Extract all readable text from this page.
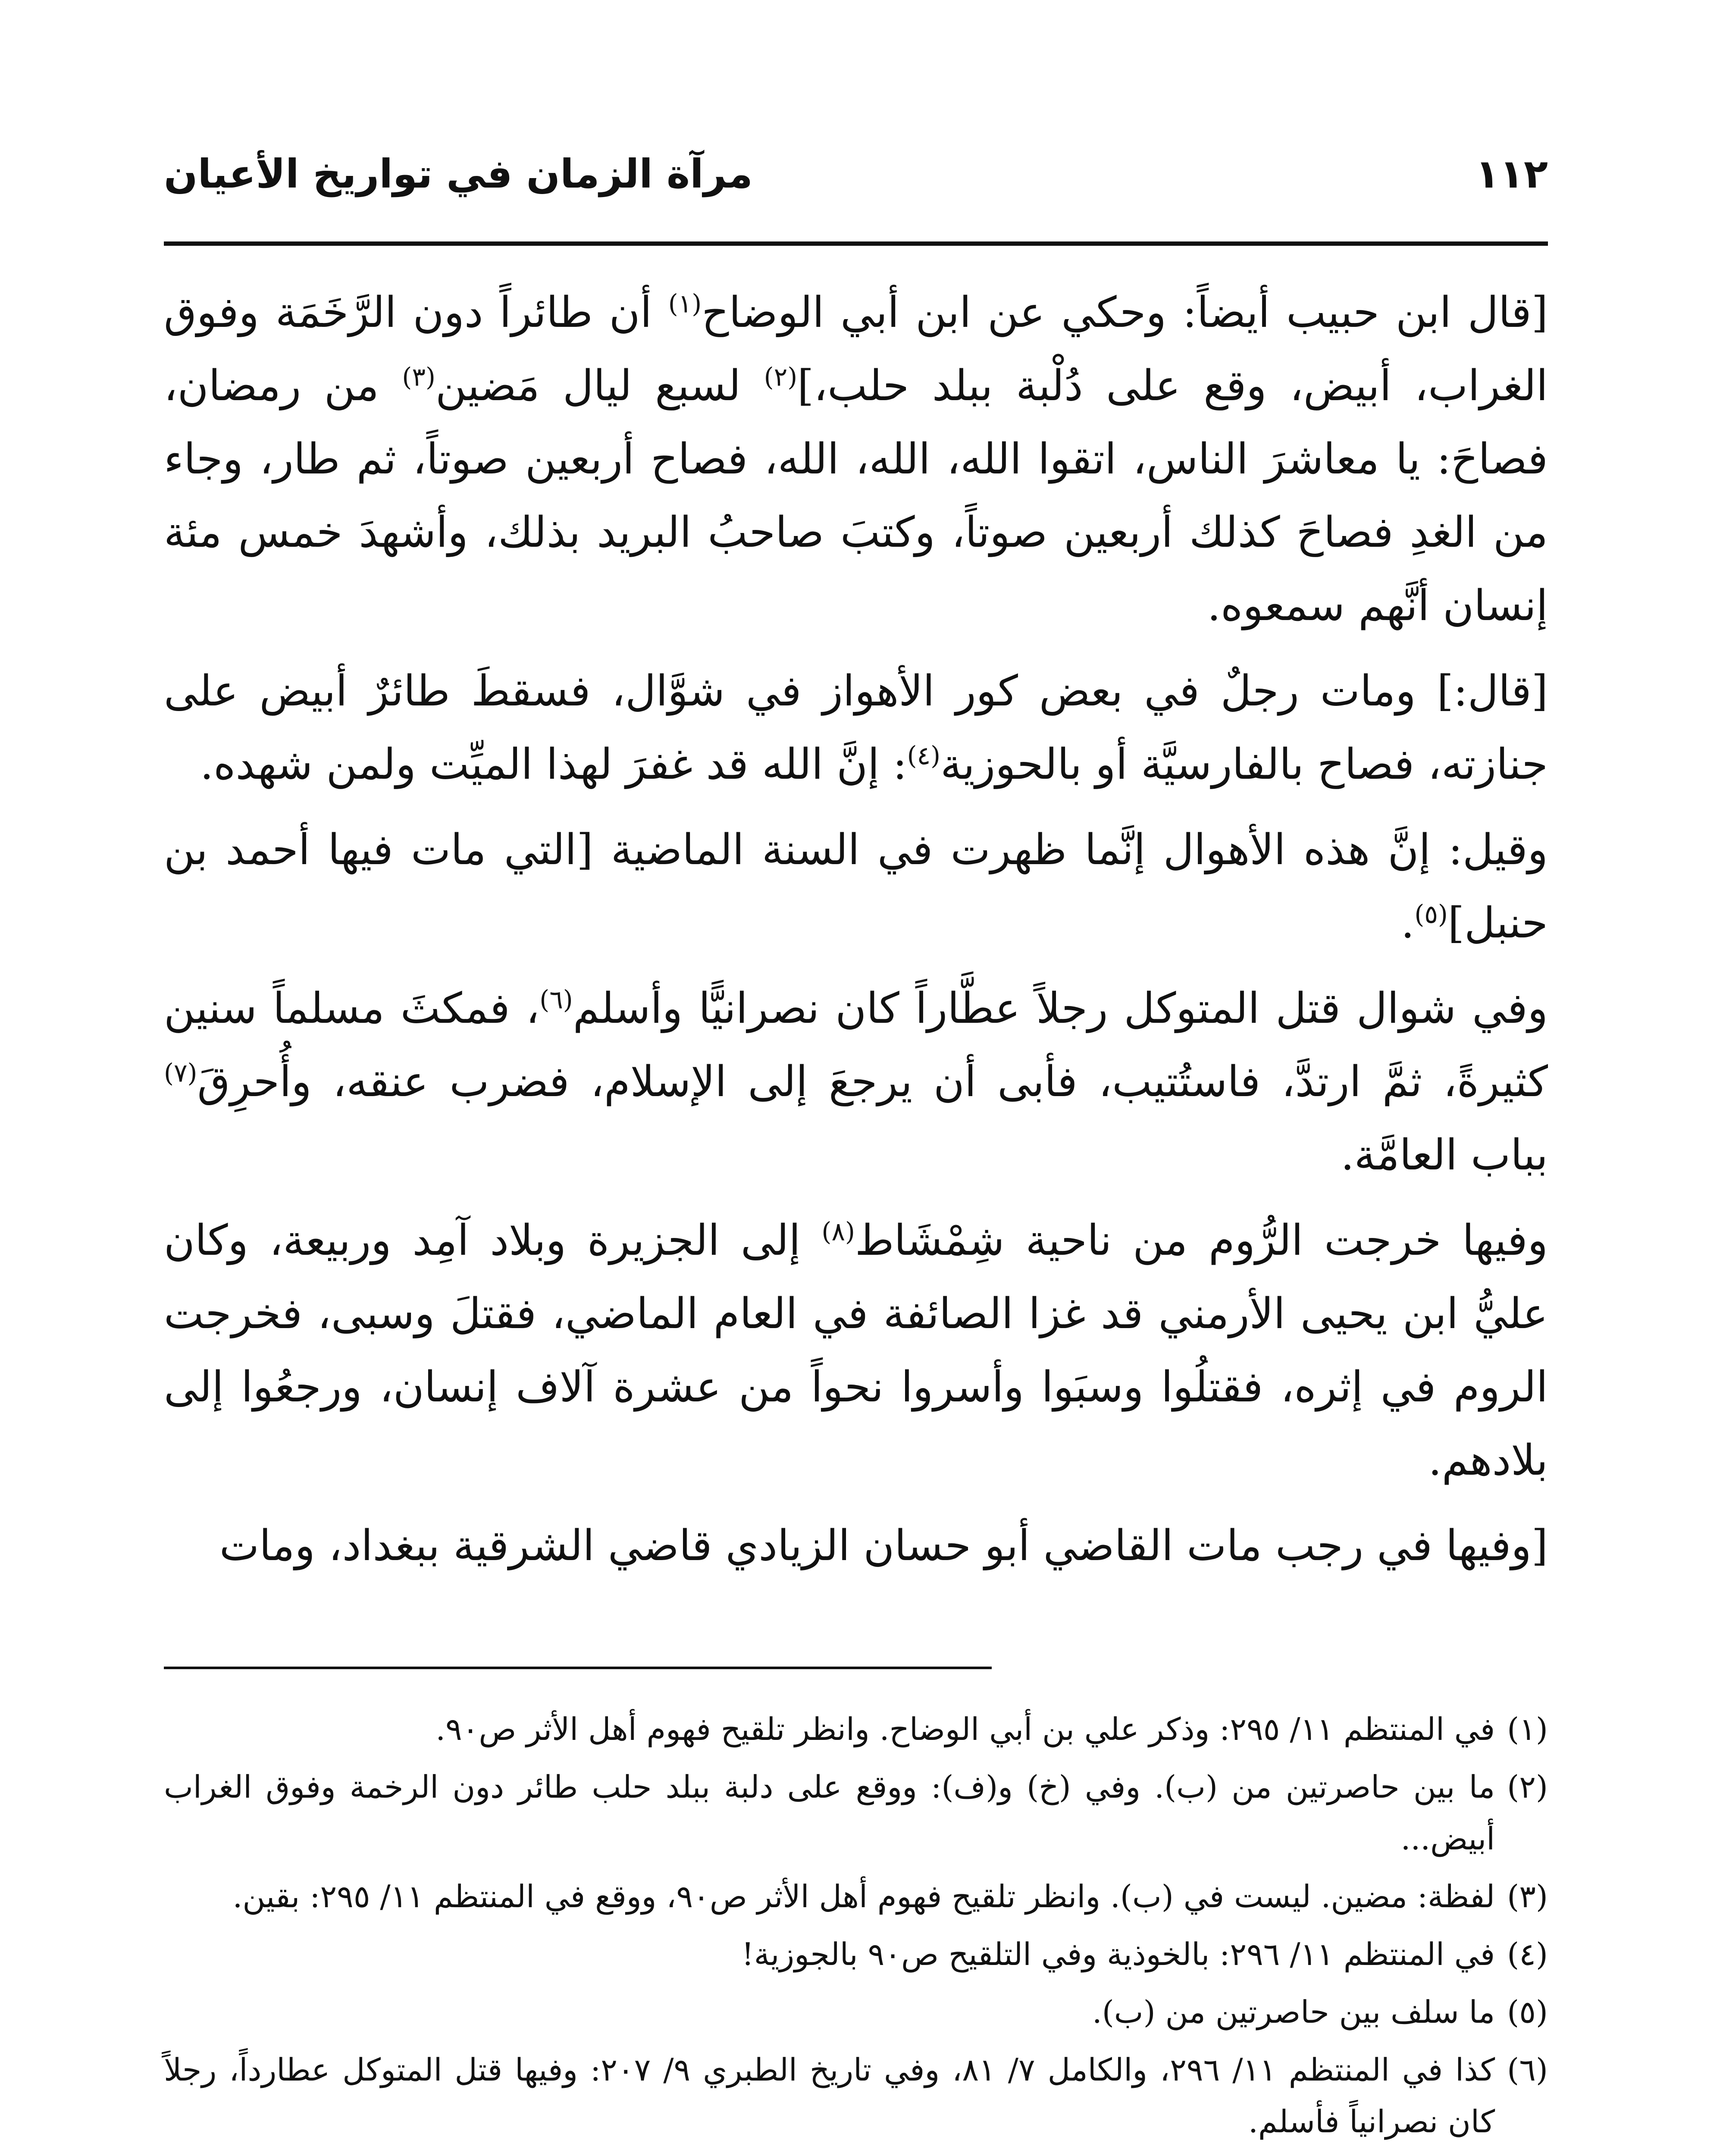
١١٢
مرآة الزمان في تواريخ الأعيان

[قال ابن حبيب أيضاً: وحكي عن ابن أبي الوضاح$^{(١)}$ أن طائراً دون الرَّخَمَة وفوق الغراب، أبيض، وقع على دُلْبة ببلد حلب،]$^{(٢)}$ لسبع ليال مَضين$^{(٣)}$ من رمضان، فصاحَ: يا معاشرَ الناس، اتقوا الله، الله، الله، فصاح أربعين صوتاً، ثم طار، وجاء من الغدِ فصاحَ كذلك أربعين صوتاً، وكتبَ صاحبُ البريد بذلك، وأشهدَ خمس مئة إنسان أنَّهم سمعوه.

[قال:] ومات رجلٌ في بعض كور الأهواز في شوَّال، فسقطَ طائرٌ أبيض على جنازته، فصاح بالفارسيَّة أو بالحوزية$^{(٤)}$: إنَّ الله قد غفرَ لهذا الميِّت ولمن شهده.

وقيل: إنَّ هذه الأهوال إنَّما ظهرت في السنة الماضية [التي مات فيها أحمد بن حنبل]$^{(٥)}$.

وفي شوال قتل المتوكل رجلاً عطَّاراً كان نصرانيًّا وأسلم$^{(٦)}$، فمكثَ مسلماً سنين كثيرةً، ثمَّ ارتدَّ، فاستُتيب، فأبى أن يرجعَ إلى الإسلام، فضرب عنقه، وأُحرِقَ$^{(٧)}$ بباب العامَّة.

وفيها خرجت الرُّوم من ناحية شِمْشَاط$^{(٨)}$ إلى الجزيرة وبلاد آمِد وربيعة، وكان عليُّ ابن يحيى الأرمني قد غزا الصائفة في العام الماضي، فقتلَ وسبى، فخرجت الروم في إثره، فقتلُوا وسبَوا وأسروا نحواً من عشرة آلاف إنسان، ورجعُوا إلى بلادهم.

[وفيها في رجب مات القاضي أبو حسان الزيادي قاضي الشرقية ببغداد، ومات

(١)
في المنتظم ١١/ ٢٩٥: وذكر علي بن أبي الوضاح. وانظر تلقيح فهوم أهل الأثر ص٩٠.
(٢)
ما بين حاصرتين من (ب). وفي (خ) و(ف): ووقع على دلبة ببلد حلب طائر دون الرخمة وفوق الغراب أبيض...
(٣)
لفظة: مضين. ليست في (ب). وانظر تلقيح فهوم أهل الأثر ص٩٠، ووقع في المنتظم ١١/ ٢٩٥: بقين.
(٤)
في المنتظم ١١/ ٢٩٦: بالخوذية وفي التلقيح ص٩٠ بالجوزية!
(٥)
ما سلف بين حاصرتين من (ب).
(٦)
كذا في المنتظم ١١/ ٢٩٦، والكامل ٧/ ٨١، وفي تاريخ الطبري ٩/ ٢٠٧: وفيها قتل المتوكل عطارداً، رجلاً كان نصرانياً فأسلم.
